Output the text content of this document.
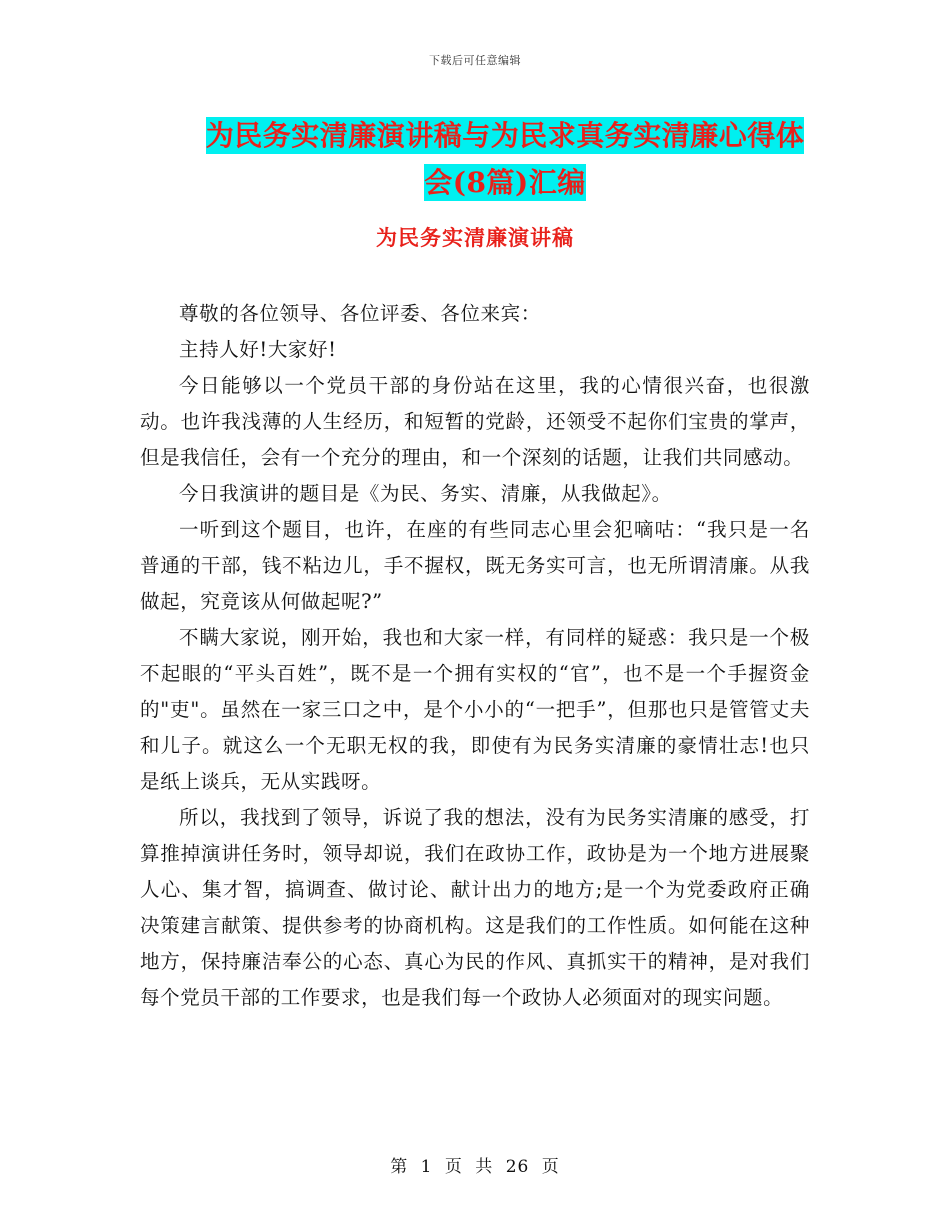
下载后可任意编辑
为民务实清廉演讲稿与为民求真务实清廉心得体会(8篇)汇编
为民务实清廉演讲稿

尊敬的各位领导、各位评委、各位来宾：

主持人好!大家好!

今日能够以一个党员干部的身份站在这里，我的心情很兴奋，也很激动。也许我浅薄的人生经历，和短暂的党龄，还领受不起你们宝贵的掌声，但是我信任，会有一个充分的理由，和一个深刻的话题，让我们共同感动。

今日我演讲的题目是《为民、务实、清廉，从我做起》。

一听到这个题目，也许，在座的有些同志心里会犯嘀咕：“我只是一名普通的干部，钱不粘边儿，手不握权，既无务实可言，也无所谓清廉。从我做起，究竟该从何做起呢?”

不瞒大家说，刚开始，我也和大家一样，有同样的疑惑：我只是一个极不起眼的“平头百姓”，既不是一个拥有实权的“官”，也不是一个手握资金的"吏"。虽然在一家三口之中，是个小小的“一把手”，但那也只是管管丈夫和儿子。就这么一个无职无权的我，即使有为民务实清廉的豪情壮志!也只是纸上谈兵，无从实践呀。

所以，我找到了领导，诉说了我的想法，没有为民务实清廉的感受，打算推掉演讲任务时，领导却说，我们在政协工作，政协是为一个地方进展聚人心、集才智，搞调查、做讨论、献计出力的地方;是一个为党委政府正确决策建言献策、提供参考的协商机构。这是我们的工作性质。如何能在这种地方，保持廉洁奉公的心态、真心为民的作风、真抓实干的精神，是对我们每个党员干部的工作要求，也是我们每一个政协人必须面对的现实问题。

第 1 页 共 26 页
